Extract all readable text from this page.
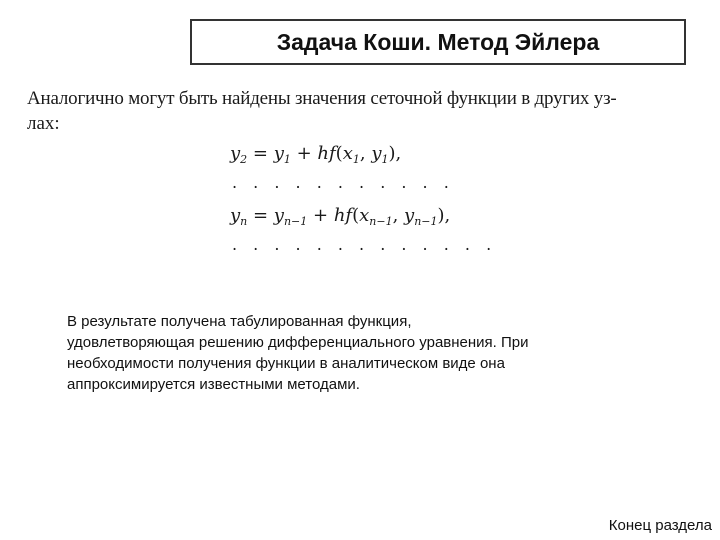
Задача Коши. Метод Эйлера
Аналогично могут быть найдены значения сеточной функции в других уз-
лах:
$y_2 = y_1 + hf(x_1$, $y_1$),
. . . . . . . . . . .
$y_n = y_{n-1} + hf(x_{n-1}$, $y_{n-1}$),
. . . . . . . . . . . . .
В результате получена табулированная функция,
удовлетворяющая решению дифференциального уравнения. При
необходимости получения функции в аналитическом виде она
аппроксимируется известными методами.
Конец раздела
